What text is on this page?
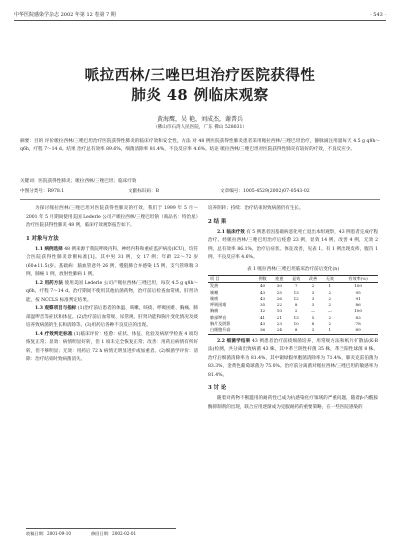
中华医院感染学杂志 2002 年第 12 卷第 7 期	· 543 ·
哌拉西林/三唑巴坦治疗医院获得性
肺炎 48 例临床观察
黄海鹰，吴 艳，刘成杰，谢普兵
（佛山市石湾人民医院，广东 佛山 528031）
摘要：目的 评价哌拉西林/三唑巴坦治疗医院获得性肺炎的临床疗效和安全性。方法 对 48 例医院获得性肺炎患者采用哌拉西林/三唑巴坦治疗，静脉滴注用量每天 4.5 g q8h～q6h，疗程 7～14 d。结果 治疗总有效率 89.6%，细菌清除率 81.4%，不良反应率 4.6%。结论 哌拉西林/三唑巴坦对医院获得性肺炎有较好的疗效，不良反应少。
关键词：医院获得性肺炎；哌拉西林/三唑巴坦；临床疗效
中图分类号：R978.1	文献标识码：B	文章编号：1005-4529(2002)07-0543-02

为探讨哌拉西林/三唑巴坦对医院获得性肺炎的疗效，我们于 1999 年 5 月～2001 年 5 月期间使用美国 Lederle 公司产哌拉西林/三唑巴坦钠（商品名：特治星）治疗医院获得性肺炎 48 例，临床疗效观察报告如下。

1 对象与方法

1.1 病例选择 48 例来源于我院呼吸内科、神经内科和重症监护病房(ICU)，均符合医院获得性肺炎诊断标准[1]。其中男 31 例，女 17 例；年龄 22～72 岁(60±11.5)岁。基础病：脑血管意外 26 例，慢阻肺合并感染 15 例，支气管哮喘 3 例，肺癌 1 例，放射性肺病 1 例。

1.2 用药方法 使用美国 Lederle 公司产哌拉西林/三唑巴坦，每次 4.5 g q8h～q6h，疗程 7～14 d。治疗期间不使用其他抗菌药物，治疗前后检查血常规、肝肾功能，按 NCCLS 标准判定结果。

1.3 观察项目与指标 (1)治疗前后患者的体温、咳嗽、咳痰、呼吸困难、胸痛、肺部湿啰音等症状和体征。(2)治疗前后血常规、尿常规、肝肾功能和胸片变化情况及痰培养致病菌的生长和清除等。(3)用药后各种不良反应的出现。

1.4 疗效判定标准 (1)临床评价：痊愈：症状、体征、化验及病原学检查 4 项均恢复正常；显效：病情明显好转，但 1 项未完全恢复正常；改善：用药后病情有所好转，但不够明显；无效：用药后 72 h 病情无明显进步或加重者。(2)细菌学评价：清除：治疗结束时致病菌消失。

培养阴转；持续：治疗结束时致病菌仍有生长。

2 结 果

2.1 临床疗效 有 5 例患者因基础病恶化死亡退出本组观察，43 例患者完成疗程治疗。经哌拉西林/三唑巴坦治疗后痊愈 23 例，显效 14 例，改善 4 例，无效 2 例，总有效率 86.1%，治疗后症状、体征改善，见表 1。有 1 例出现皮疹，腹泻 1 例，不良反应率 4.6%。

表 1 哌拉西林/三唑巴坦临床治疗前后变化(n)
项 目	例数	痊愈	显效	改善	无效	有效率(%)
发热	40	30	7	2	1	100
咳嗽	43	25	13	3	2	95
咳痰	43	26	12	3	2	91
呼吸困难	35	22	8	3	2	86
胸痛	12	10	2	—	—	100
肺部啰音	41	21	13	5	2	83
胸片及阴影	43	23	10	8	2	78
白细胞升高	36	24	8	3	1	89

2.2 细菌学结果 43 例患者治疗前痰细菌培养，用常规方法和纸片扩散法(K-B 法)检测，共分离出致病菌 43 株，其中革兰阴性杆菌 35 株，革兰阳性球菌 8 株。治疗后细菌清除率为 81.4%，其中铜绿假单胞菌清除率为 71.4%，肺炎克雷伯菌为 83.3%，金黄色葡萄球菌为 75.0%。治疗前分离菌对哌拉西林/三唑巴坦的敏感率为 81.4%。

3 讨 论

随着对药物不断滥用的耐药性已成为抗感染化疗领域的严重问题，随着β-内酰胺酶抑制剂的出现，联合应用逐渐成为克服耐药的重要策略，在一些医院感染的

收稿日期：2001-09-10	修回日期：2002-02-01
